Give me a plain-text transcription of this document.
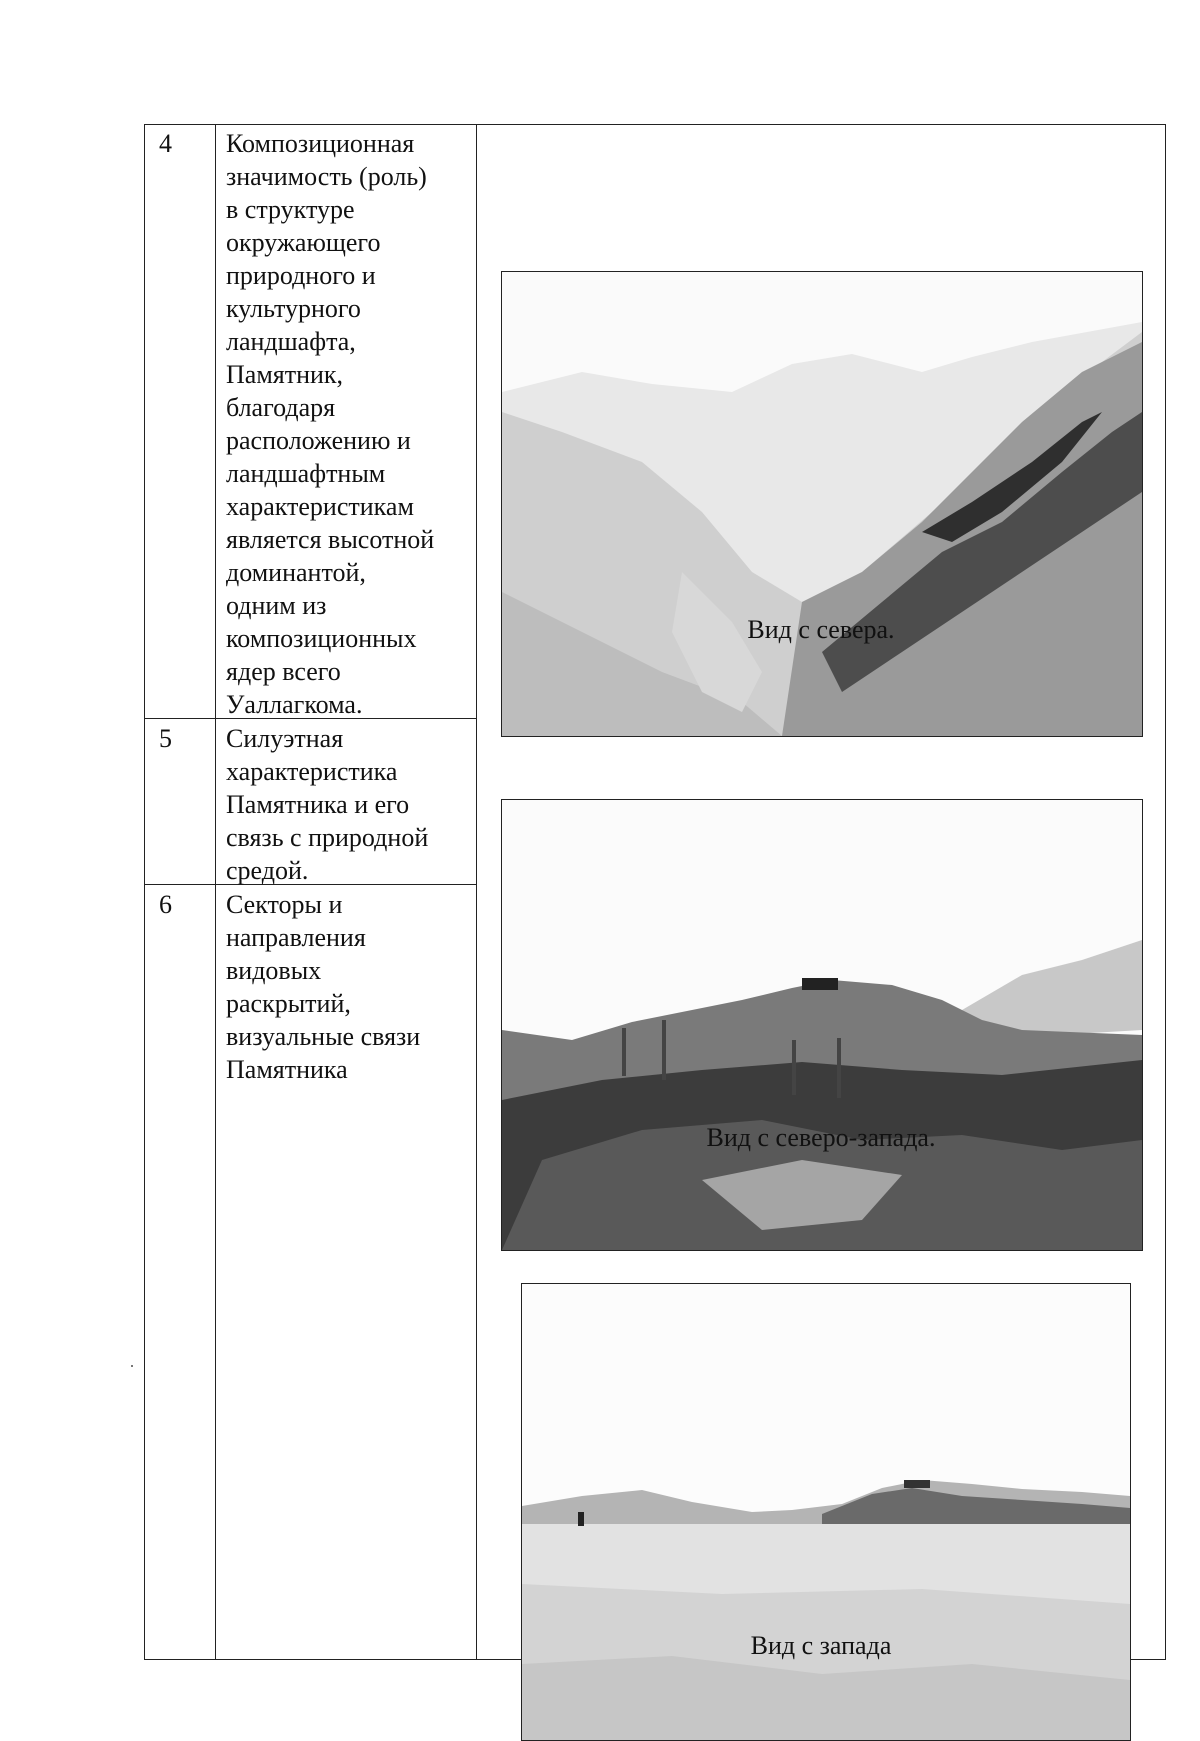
4 Композиционная
значимость (роль)
в структуре
окружающего
природного и
культурного
ландшафта,
Памятник,
благодаря
расположению и
ландшафтным
характеристикам
является высотной
доминантой,
одним из
композиционных
ядер всего
Уаллагкома.
5 Силуэтная
характеристика
Памятника и его
связь с природной
средой.
6 Секторы и
направления
видовых
раскрытий,
визуальные связи
Памятника
Вид с севера.
Вид с северо-запада.
Вид с запада
